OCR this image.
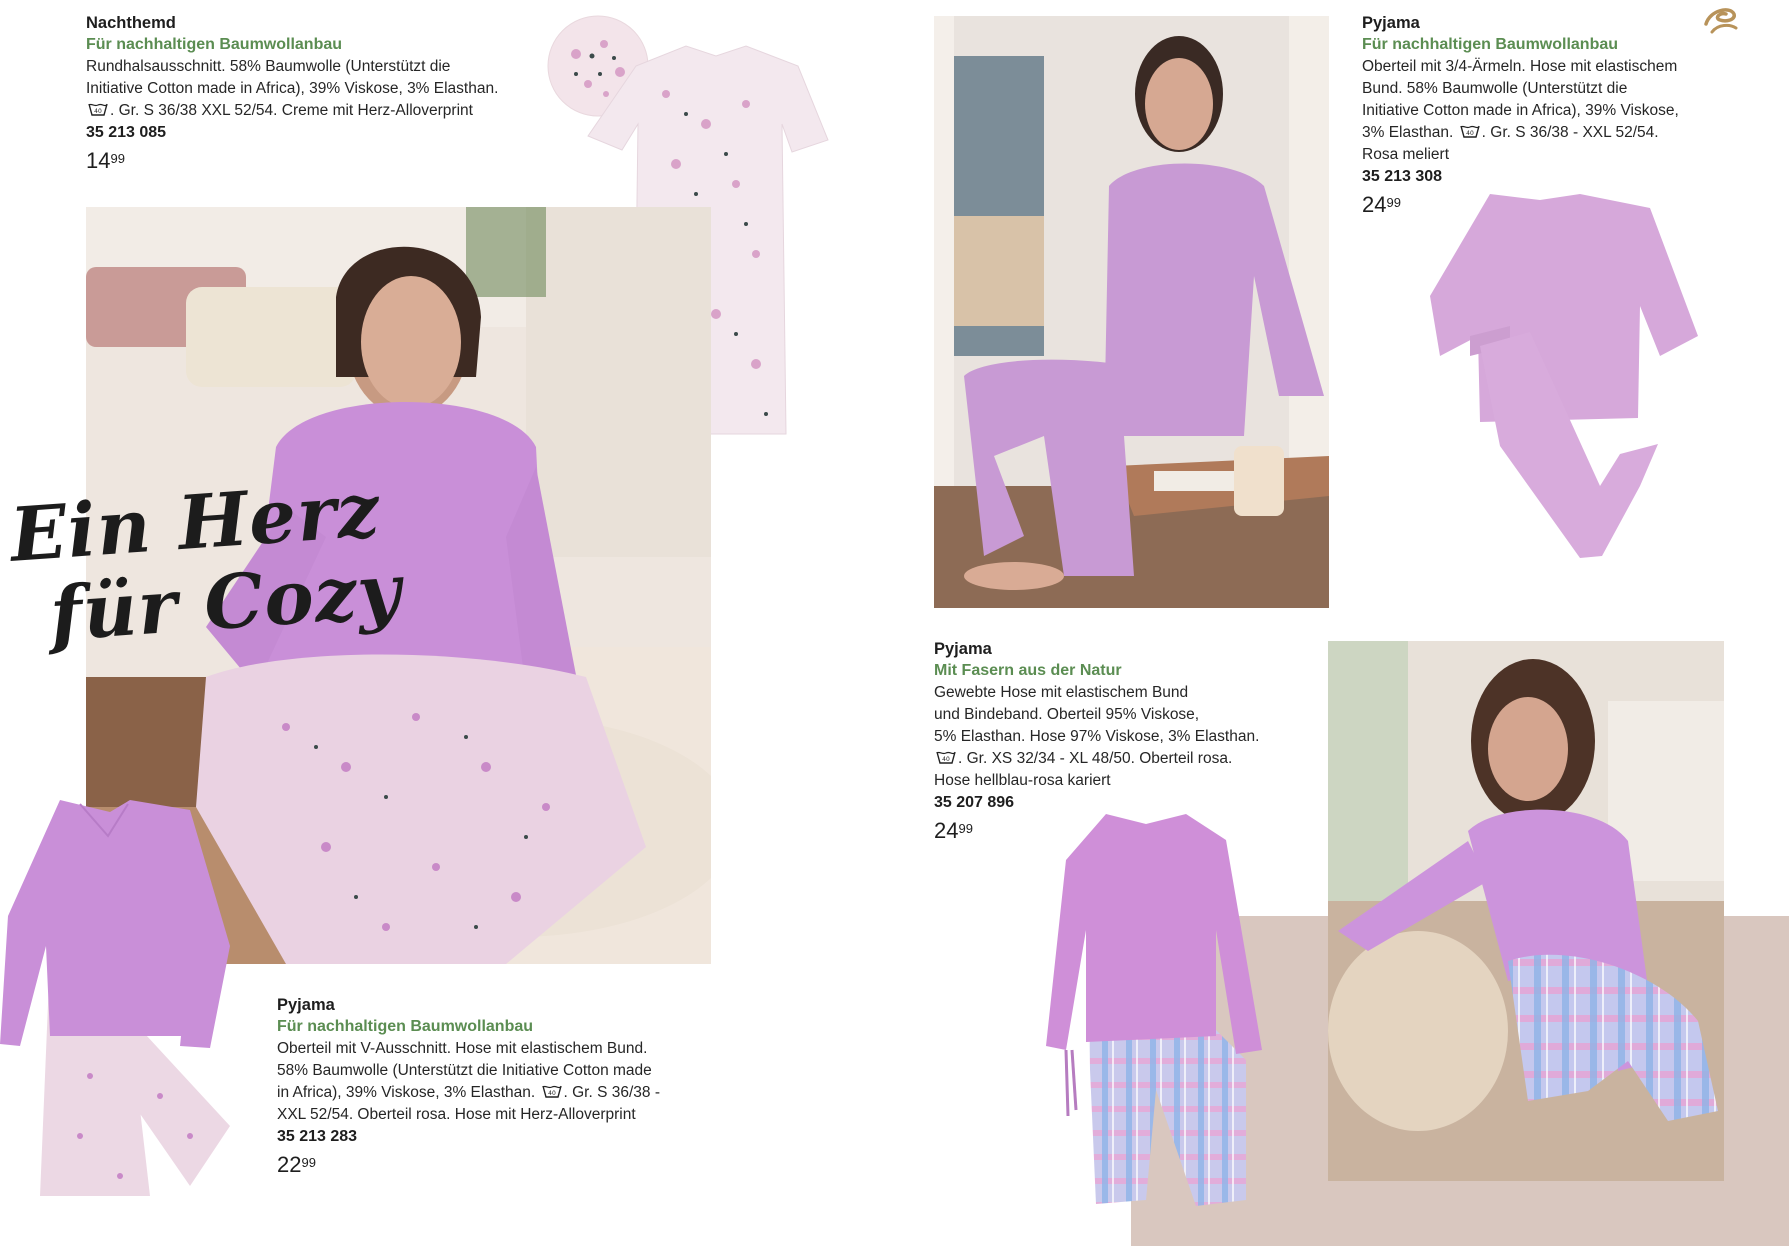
Nachthemd
Für nachhaltigen Baumwollanbau
Rundhalsausschnitt. 58% Baumwolle (Unterstützt die
Initiative Cotton made in Africa), 39% Viskose, 3% Elasthan.
40 . Gr. S 36/38 XXL 52/54. Creme mit Herz-Alloverprint
35 213 085
$14^{99}$
Ein Herz
für Cozy
Pyjama
Für nachhaltigen Baumwollanbau
Oberteil mit V-Ausschnitt. Hose mit elastischem Bund.
58% Baumwolle (Unterstützt die Initiative Cotton made
in Africa), 39% Viskose, 3% Elasthan. 40 . Gr. S 36/38 -
XXL 52/54. Oberteil rosa. Hose mit Herz-Alloverprint
35 213 283
$22^{99}$
Pyjama
Für nachhaltigen Baumwollanbau
Oberteil mit 3/4-Ärmeln. Hose mit elastischem
Bund. 58% Baumwolle (Unterstützt die
Initiative Cotton made in Africa), 39% Viskose,
3% Elasthan. 40 . Gr. S 36/38 - XXL 52/54.
Rosa meliert
35 213 308
$24^{99}$
Pyjama
Mit Fasern aus der Natur
Gewebte Hose mit elastischem Bund
und Bindeband. Oberteil 95% Viskose,
5% Elasthan. Hose 97% Viskose, 3% Elasthan.
40 . Gr. XS 32/34 - XL 48/50. Oberteil rosa.
Hose hellblau-rosa kariert
35 207 896
$24^{99}$
